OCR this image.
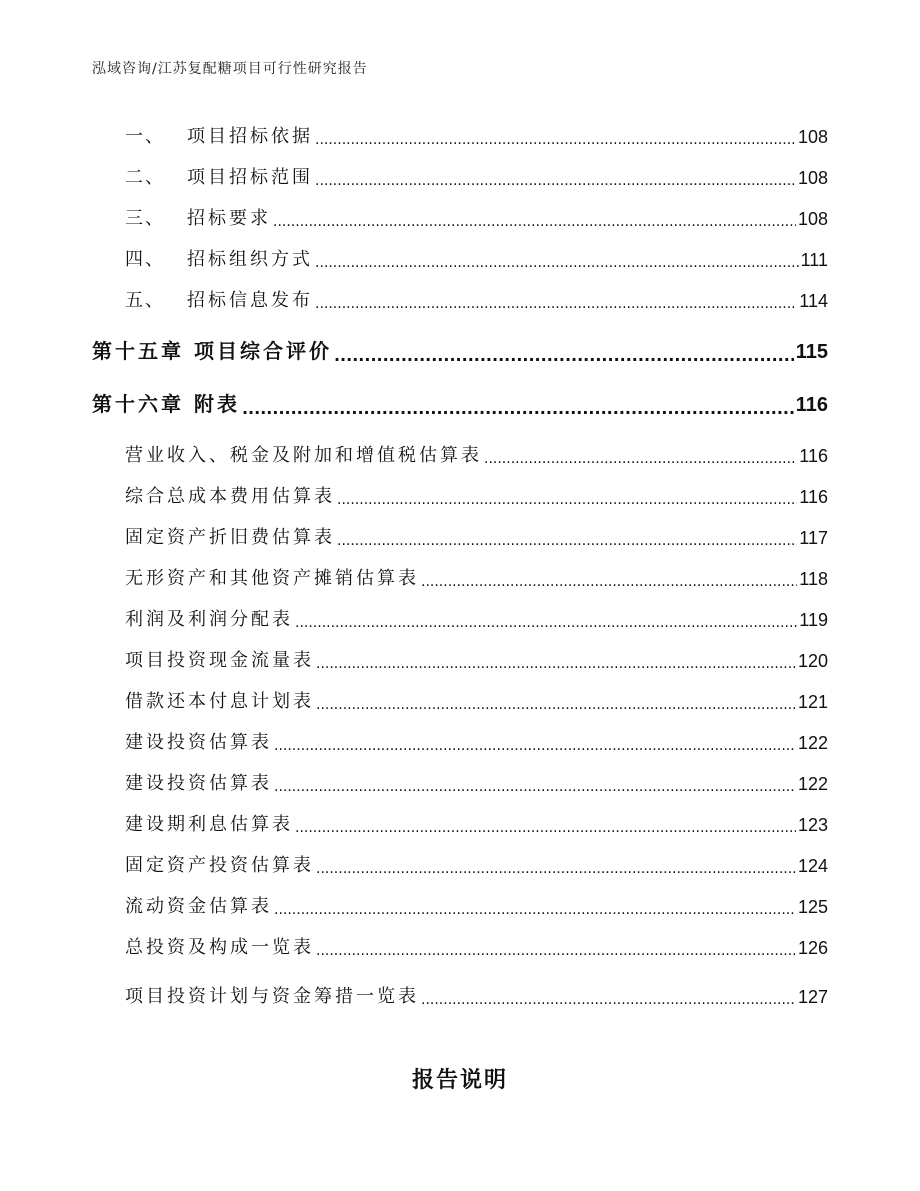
泓域咨询/江苏复配糖项目可行性研究报告
一、 项目招标依据 .....	108
二、 项目招标范围 .....	108
三、 招标要求 .....	108
四、 招标组织方式 .....	111
五、 招标信息发布 .....	114
第十五章 项目综合评价 .....	115
第十六章 附表 .....	116
营业收入、税金及附加和增值税估算表 .....	116
综合总成本费用估算表 .....	116
固定资产折旧费估算表 .....	117
无形资产和其他资产摊销估算表 .....	118
利润及利润分配表 .....	119
项目投资现金流量表 .....	120
借款还本付息计划表 .....	121
建设投资估算表 .....	122
建设投资估算表 .....	122
建设期利息估算表 .....	123
固定资产投资估算表 .....	124
流动资金估算表 .....	125
总投资及构成一览表 .....	126
项目投资计划与资金筹措一览表 .....	127
报告说明
